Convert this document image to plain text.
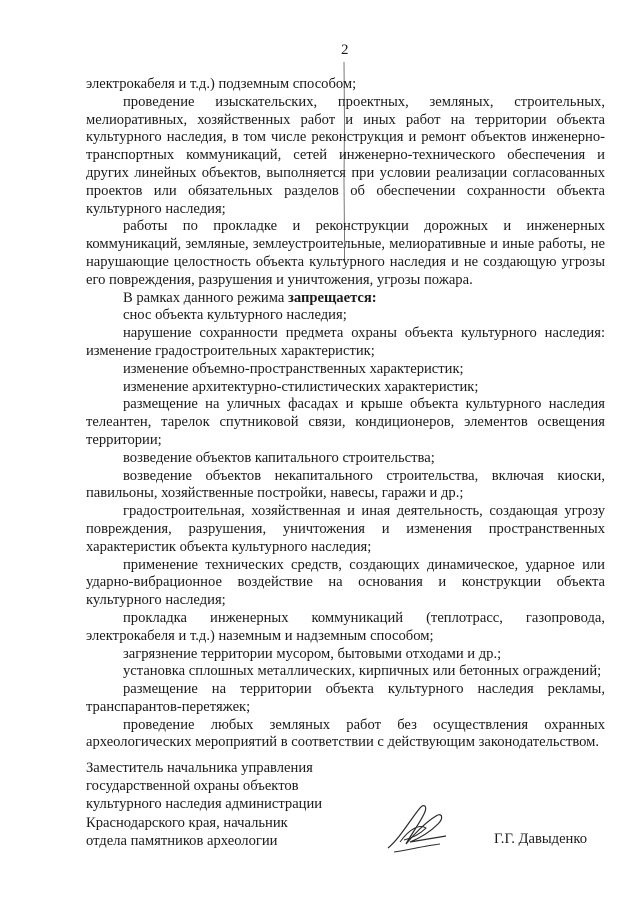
2

электрокабеля и т.д.) подземным способом;

проведение изыскательских, проектных, земляных, строительных, мелиоративных, хозяйственных работ и иных работ на территории объекта культурного наследия, в том числе реконструкция и ремонт объектов инженерно-транспортных коммуникаций, сетей инженерно-технического обеспечения и других линейных объектов, выполняется при условии реализации согласованных проектов или обязательных разделов об обеспечении сохранности объекта культурного наследия;

работы по прокладке и реконструкции дорожных и инженерных коммуникаций, земляные, землеустроительные, мелиоративные и иные работы, не нарушающие целостность объекта культурного наследия и не создающую угрозы его повреждения, разрушения и уничтожения, угрозы пожара.

В рамках данного режима запрещается:

снос объекта культурного наследия;

нарушение сохранности предмета охраны объекта культурного наследия: изменение градостроительных характеристик;

изменение объемно-пространственных характеристик;

изменение архитектурно-стилистических характеристик;

размещение на уличных фасадах и крыше объекта культурного наследия телеантен, тарелок спутниковой связи, кондиционеров, элементов освещения территории;

возведение объектов капитального строительства;

возведение объектов некапитального строительства, включая киоски, павильоны, хозяйственные постройки, навесы, гаражи и др.;

градостроительная, хозяйственная и иная деятельность, создающая угрозу повреждения, разрушения, уничтожения и изменения пространственных характеристик объекта культурного наследия;

применение технических средств, создающих динамическое, ударное или ударно-вибрационное воздействие на основания и конструкции объекта культурного наследия;

прокладка инженерных коммуникаций (теплотрасс, газопровода, электрокабеля и т.д.) наземным и надземным способом;

загрязнение территории мусором, бытовыми отходами и др.;

установка сплошных металлических, кирпичных или бетонных ограждений;

размещение на территории объекта культурного наследия рекламы, транспарантов-перетяжек;

проведение любых земляных работ без осуществления охранных археологических мероприятий в соответствии с действующим законодательством.

Заместитель начальника управления
государственной охраны объектов
культурного наследия администрации
Краснодарского края, начальник
отдела памятников археологии	Г.Г. Давыденко
